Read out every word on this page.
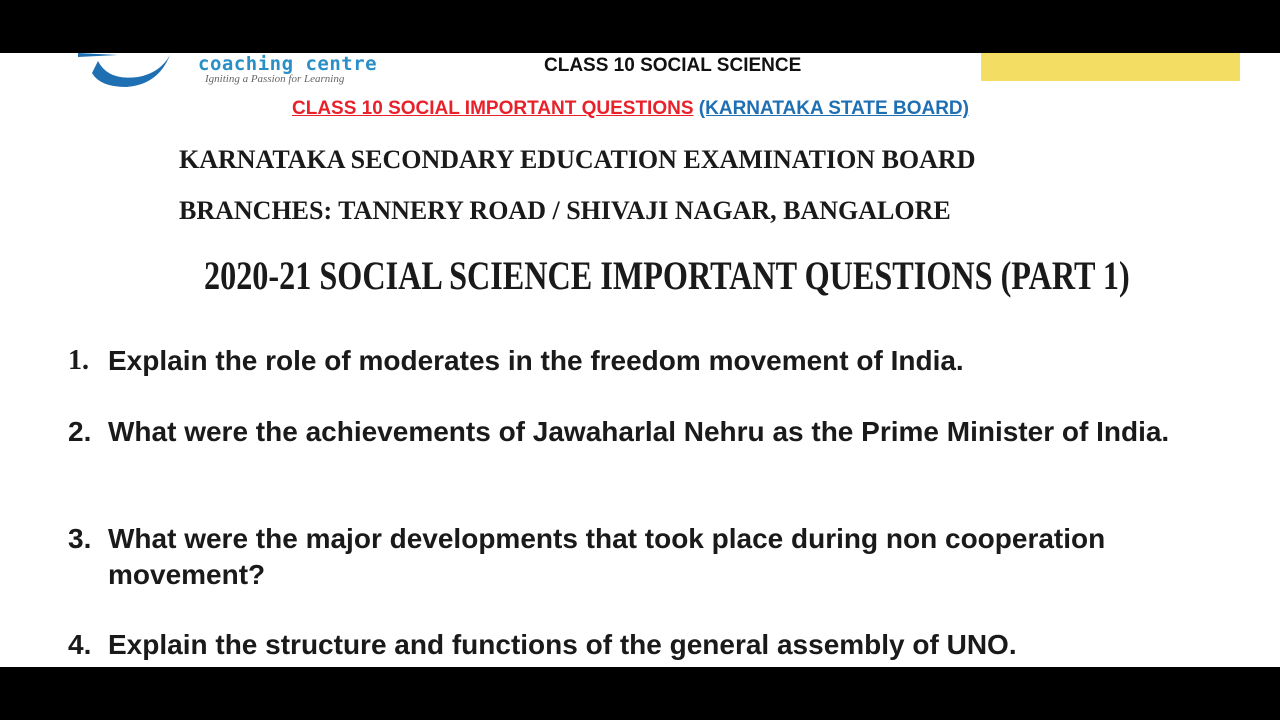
coaching centre
Igniting a Passion for Learning
CLASS 10 SOCIAL SCIENCE
CLASS 10 SOCIAL IMPORTANT QUESTIONS (KARNATAKA STATE BOARD)
KARNATAKA SECONDARY EDUCATION EXAMINATION BOARD
BRANCHES: TANNERY ROAD / SHIVAJI NAGAR, BANGALORE
2020-21 SOCIAL SCIENCE IMPORTANT QUESTIONS (PART 1)
1. Explain the role of moderates in the freedom movement of India.
2. What were the achievements of Jawaharlal Nehru as the Prime Minister of India.
3. What were the major developments that took place during non cooperation movement?
4. Explain the structure and functions of the general assembly of UNO.
